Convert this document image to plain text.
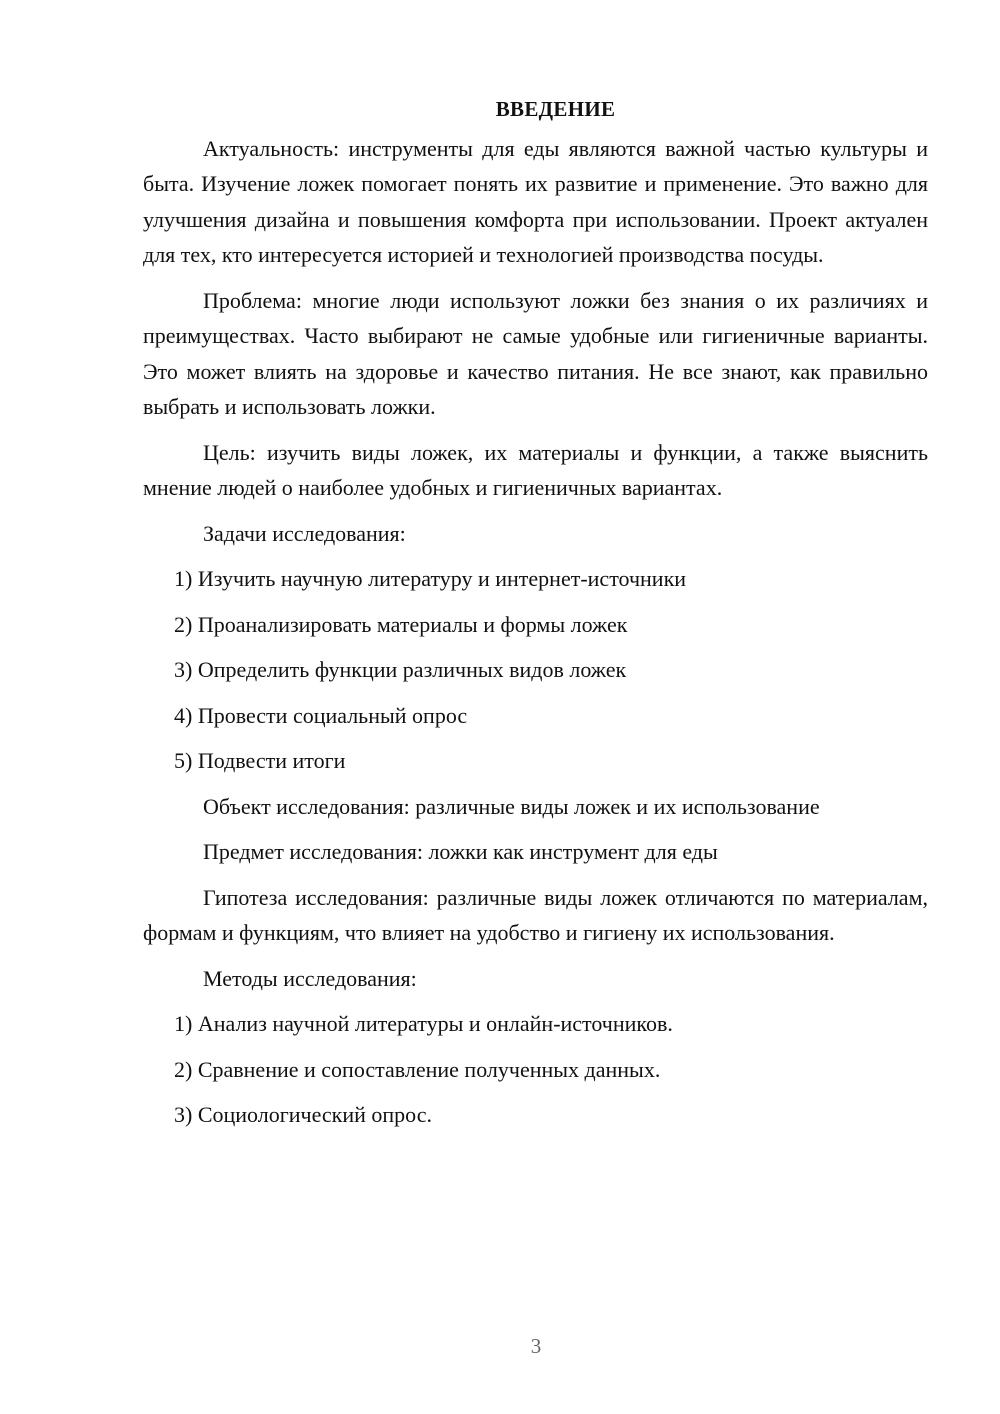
ВВЕДЕНИЕ

Актуальность: инструменты для еды являются важной частью культуры и быта. Изучение ложек помогает понять их развитие и применение. Это важно для улучшения дизайна и повышения комфорта при использовании. Проект актуален для тех, кто интересуется историей и технологией производства посуды.

Проблема: многие люди используют ложки без знания о их различиях и преимуществах. Часто выбирают не самые удобные или гигиеничные варианты. Это может влиять на здоровье и качество питания. Не все знают, как правильно выбрать и использовать ложки.

Цель: изучить виды ложек, их материалы и функции, а также выяснить мнение людей о наиболее удобных и гигиеничных вариантах.

Задачи исследования:
1) Изучить научную литературу и интернет-источники
2) Проанализировать материалы и формы ложек
3) Определить функции различных видов ложек
4) Провести социальный опрос
5) Подвести итоги
Объект исследования: различные виды ложек и их использование
Предмет исследования: ложки как инструмент для еды

Гипотеза исследования: различные виды ложек отличаются по материалам, формам и функциям, что влияет на удобство и гигиену их использования.

Методы исследования:
1) Анализ научной литературы и онлайн-источников.
2) Сравнение и сопоставление полученных данных.
3) Социологический опрос.
3
